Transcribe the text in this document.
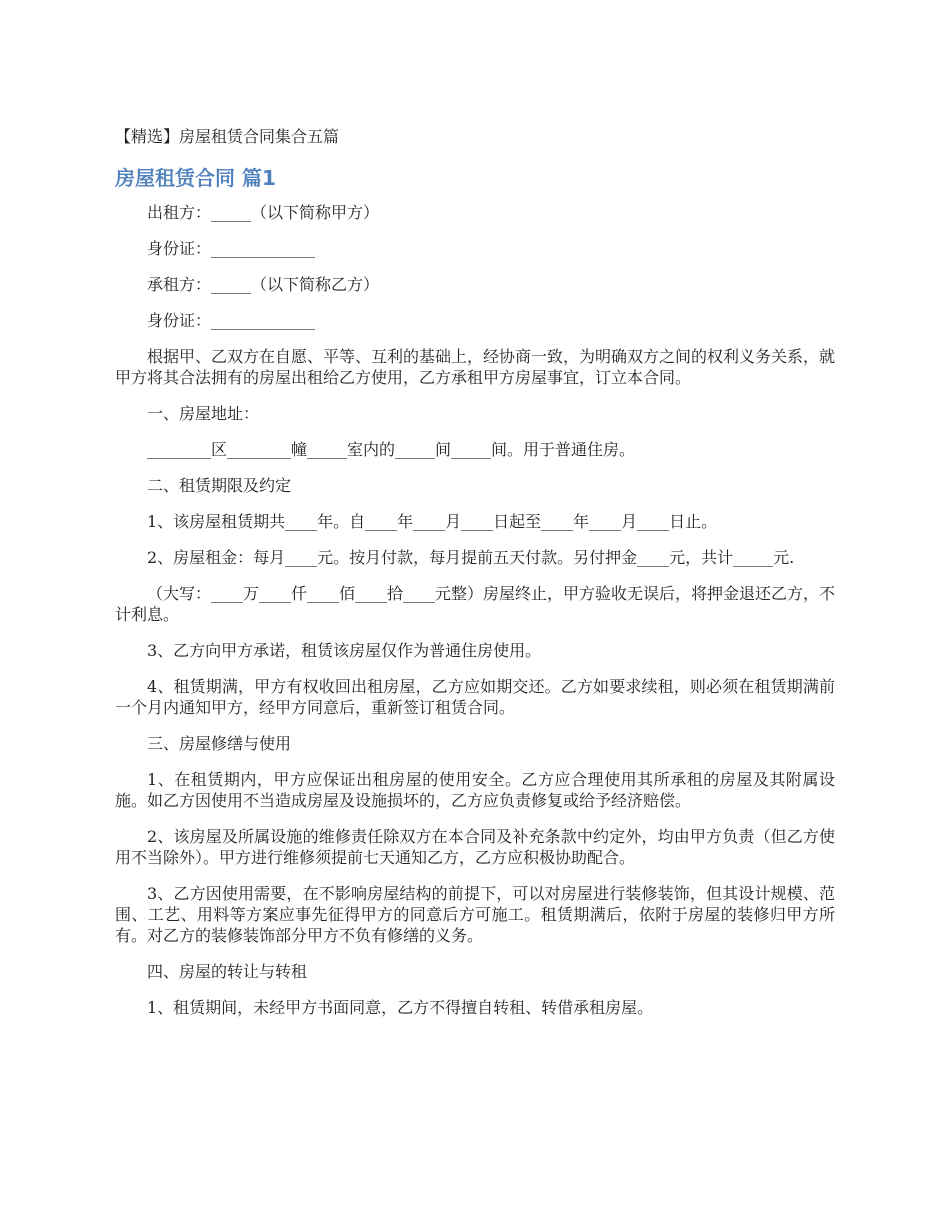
【精选】房屋租赁合同集合五篇
房屋租赁合同 篇1

出租方：_____（以下简称甲方）

身份证：_____________

承租方：_____（以下简称乙方）

身份证：_____________

根据甲、乙双方在自愿、平等、互利的基础上，经协商一致，为明确双方之间的权利义务关系，就甲方将其合法拥有的房屋出租给乙方使用，乙方承租甲方房屋事宜，订立本合同。

一、房屋地址：

________区________幢_____室内的_____间_____间。用于普通住房。

二、租赁期限及约定

1、该房屋租赁期共____年。自____年____月____日起至____年____月____日止。

2、房屋租金：每月____元。按月付款，每月提前五天付款。另付押金____元，共计_____元.

（大写：____万____仟____佰____拾____元整）房屋终止，甲方验收无误后，将押金退还乙方，不计利息。

3、乙方向甲方承诺，租赁该房屋仅作为普通住房使用。

4、租赁期满，甲方有权收回出租房屋，乙方应如期交还。乙方如要求续租，则必须在租赁期满前一个月内通知甲方，经甲方同意后，重新签订租赁合同。

三、房屋修缮与使用

1、在租赁期内，甲方应保证出租房屋的使用安全。乙方应合理使用其所承租的房屋及其附属设施。如乙方因使用不当造成房屋及设施损坏的，乙方应负责修复或给予经济赔偿。

2、该房屋及所属设施的维修责任除双方在本合同及补充条款中约定外，均由甲方负责（但乙方使用不当除外）。甲方进行维修须提前七天通知乙方，乙方应积极协助配合。

3、乙方因使用需要，在不影响房屋结构的前提下，可以对房屋进行装修装饰，但其设计规模、范围、工艺、用料等方案应事先征得甲方的同意后方可施工。租赁期满后，依附于房屋的装修归甲方所有。对乙方的装修装饰部分甲方不负有修缮的义务。

四、房屋的转让与转租

1、租赁期间，未经甲方书面同意，乙方不得擅自转租、转借承租房屋。
